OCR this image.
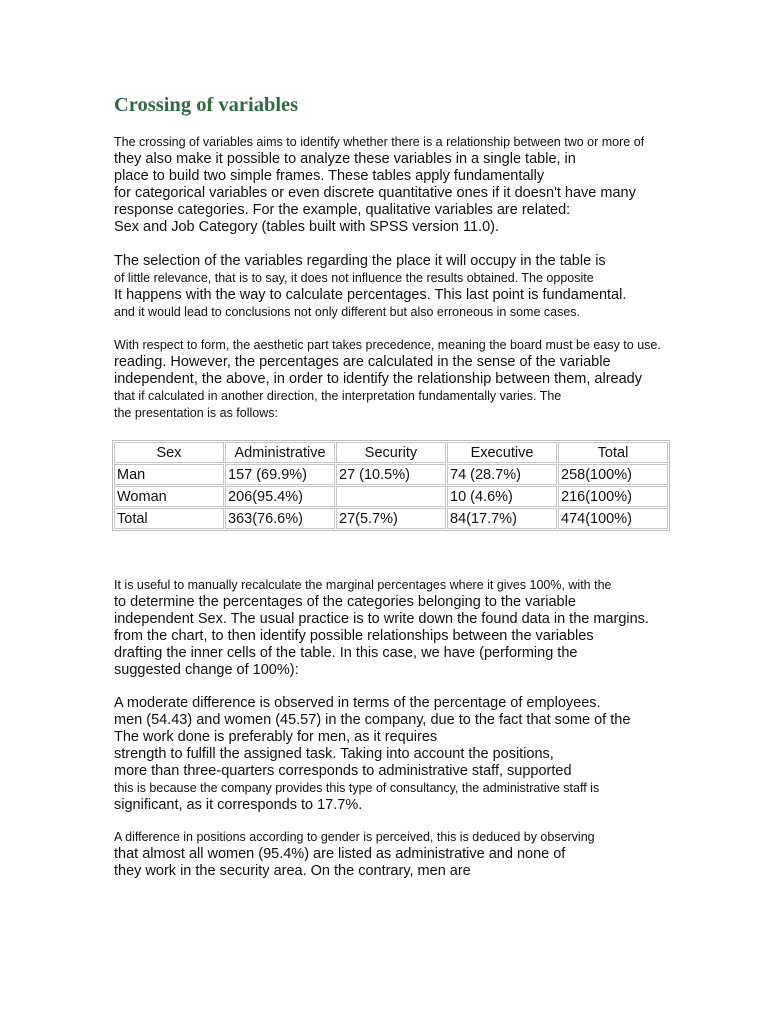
Crossing of variables
The crossing of variables aims to identify whether there is a relationship between two or more of
they also make it possible to analyze these variables in a single table, in
place to build two simple frames. These tables apply fundamentally
for categorical variables or even discrete quantitative ones if it doesn't have many
response categories. For the example, qualitative variables are related:
Sex and Job Category (tables built with SPSS version 11.0).
The selection of the variables regarding the place it will occupy in the table is
of little relevance, that is to say, it does not influence the results obtained. The opposite
It happens with the way to calculate percentages. This last point is fundamental.
and it would lead to conclusions not only different but also erroneous in some cases.
With respect to form, the aesthetic part takes precedence, meaning the board must be easy to use.
reading. However, the percentages are calculated in the sense of the variable
independent, the above, in order to identify the relationship between them, already
that if calculated in another direction, the interpretation fundamentally varies. The
the presentation is as follows:
Sex	Administrative	Security	Executive	Total
Man	157 (69.9%)	27 (10.5%)	74 (28.7%)	258(100%)
Woman	206(95.4%)		10 (4.6%)	216(100%)
Total	363(76.6%)	27(5.7%)	84(17.7%)	474(100%)
It is useful to manually recalculate the marginal percentages where it gives 100%, with the
to determine the percentages of the categories belonging to the variable
independent Sex. The usual practice is to write down the found data in the margins.
from the chart, to then identify possible relationships between the variables
drafting the inner cells of the table. In this case, we have (performing the
suggested change of 100%):
A moderate difference is observed in terms of the percentage of employees.
men (54.43) and women (45.57) in the company, due to the fact that some of the
The work done is preferably for men, as it requires
strength to fulfill the assigned task. Taking into account the positions,
more than three-quarters corresponds to administrative staff, supported
this is because the company provides this type of consultancy, the administrative staff is
significant, as it corresponds to 17.7%.
A difference in positions according to gender is perceived, this is deduced by observing
that almost all women (95.4%) are listed as administrative and none of
they work in the security area. On the contrary, men are
